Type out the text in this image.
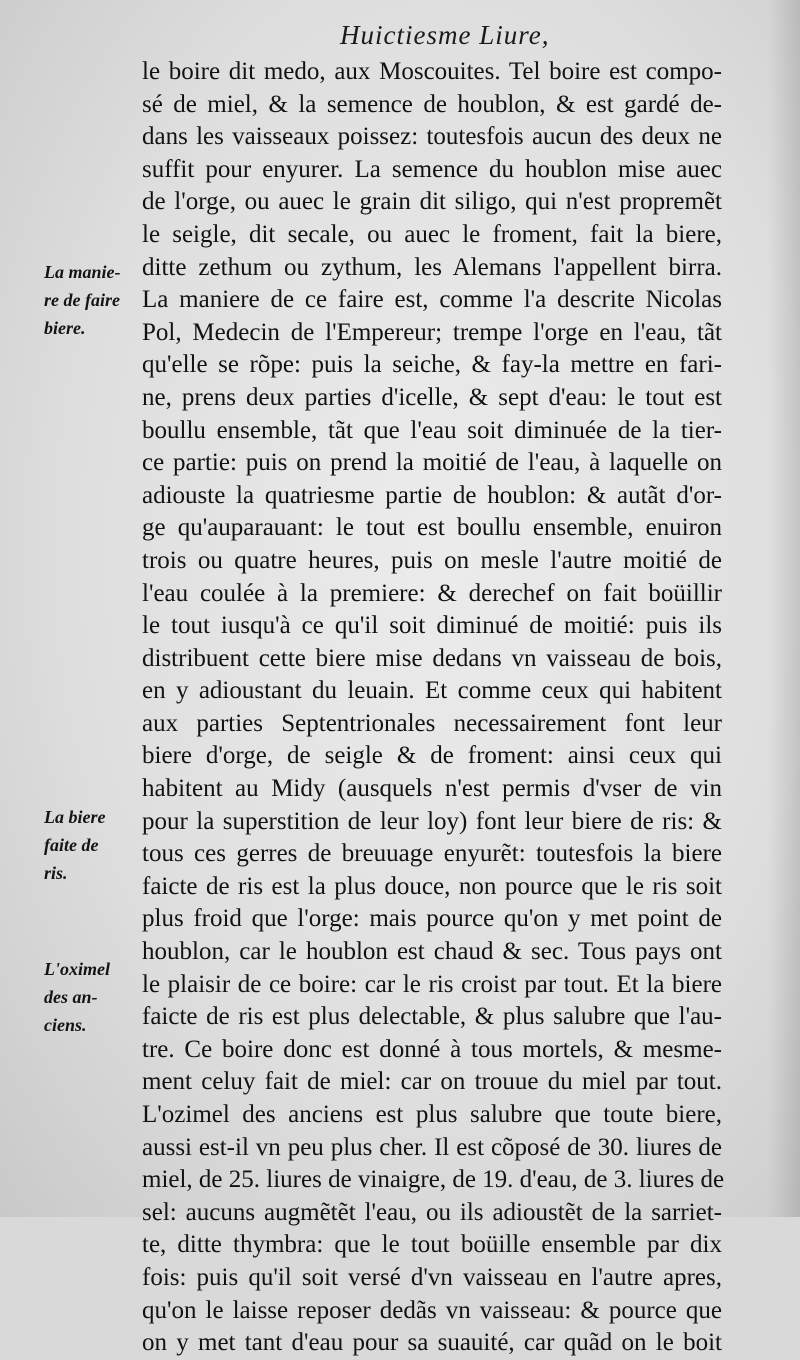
Huictiesme Liure,
le boire dit medo, aux Moscouites. Tel boire est compo-
sé de miel, & la semence de houblon, & est gardé de-
dans les vaisseaux poissez: toutesfois aucun des deux ne
suffit pour enyurer. La semence du houblon mise auec
de l'orge, ou auec le grain dit siligo, qui n'est propremẽt
le seigle, dit secale, ou auec le froment, fait la biere,
ditte zethum ou zythum, les Alemans l'appellent birra.
La maniere de ce faire est, comme l'a descrite Nicolas
Pol, Medecin de l'Empereur; trempe l'orge en l'eau, tãt
qu'elle se rõpe: puis la seiche, & fay-la mettre en fari-
ne, prens deux parties d'icelle, & sept d'eau: le tout est
boullu ensemble, tãt que l'eau soit diminuée de la tier-
ce partie: puis on prend la moitié de l'eau, à laquelle on
adiouste la quatriesme partie de houblon: & autãt d'or-
ge qu'auparauant: le tout est boullu ensemble, enuiron
trois ou quatre heures, puis on mesle l'autre moitié de
l'eau coulée à la premiere: & derechef on fait boüillir
le tout iusqu'à ce qu'il soit diminué de moitié: puis ils
distribuent cette biere mise dedans vn vaisseau de bois,
en y adioustant du leuain. Et comme ceux qui habitent
aux parties Septentrionales necessairement font leur
biere d'orge, de seigle & de froment: ainsi ceux qui
habitent au Midy (ausquels n'est permis d'vser de vin
pour la superstition de leur loy) font leur biere de ris: &
tous ces gerres de breuuage enyurẽt: toutesfois la biere
faicte de ris est la plus douce, non pource que le ris soit
plus froid que l'orge: mais pource qu'on y met point de
houblon, car le houblon est chaud & sec. Tous pays ont
le plaisir de ce boire: car le ris croist par tout. Et la biere
faicte de ris est plus delectable, & plus salubre que l'au-
tre. Ce boire donc est donné à tous mortels, & mesme-
ment celuy fait de miel: car on trouue du miel par tout.
L'ozimel des anciens est plus salubre que toute biere,
aussi est-il vn peu plus cher. Il est cõposé de 30. liures de
miel, de 25. liures de vinaigre, de 19. d'eau, de 3. liures de
sel: aucuns augmẽtẽt l'eau, ou ils adioustẽt de la sarriet-
te, ditte thymbra: que le tout boüille ensemble par dix
fois: puis qu'il soit versé d'vn vaisseau en l'autre apres,
qu'on le laisse reposer dedãs vn vaisseau: & pource que
on y met tant d'eau pour sa suauité, car quãd on le boit
La manie-
re de faire
biere.
La biere
faite de
ris.
L'oximel
des an-
ciens.
